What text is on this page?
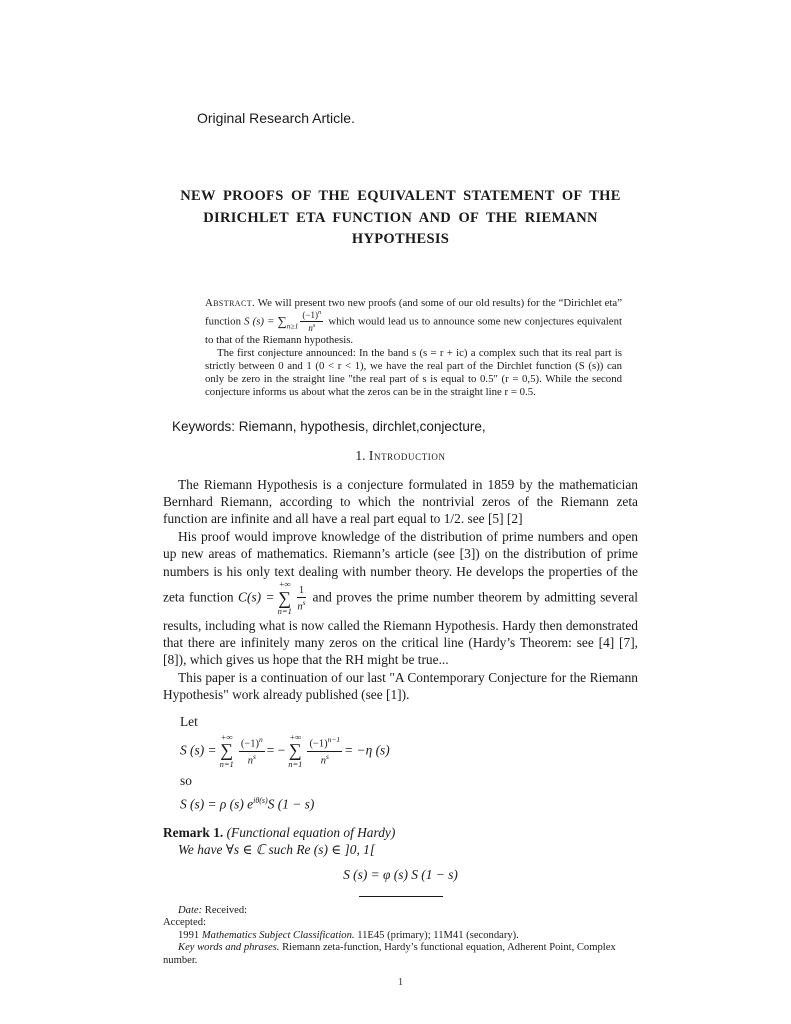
Original Research Article.
NEW PROOFS OF THE EQUIVALENT STATEMENT OF THE
DIRICHLET ETA FUNCTION AND OF THE RIEMANN
HYPOTHESIS

Abstract. We will present two new proofs (and some of our old results) for the “Dirichlet eta” function S $(s) = \sum_{n\ge 1} \frac{(-1)^n}{n^s}$ which would lead us to announce some new conjectures equivalent to that of the Riemann hypothesis.

The first conjecture announced: In the band s (s = r + ic) a complex such that its real part is strictly between 0 and 1 (0 < r < 1), we have the real part of the Dirchlet function (S (s)) can only be zero in the straight line "the real part of s is equal to 0.5" (r = 0,5). While the second conjecture informs us about what the zeros can be in the straight line r = 0.5.

Keywords: Riemann, hypothesis, dirchlet,conjecture,
1. Introduction

The Riemann Hypothesis is a conjecture formulated in 1859 by the mathematician Bernhard Riemann, according to which the nontrivial zeros of the Riemann zeta function are infinite and all have a real part equal to 1/2. see [5] [2]

His proof would improve knowledge of the distribution of prime numbers and open up new areas of mathematics. Riemann’s article (see [3]) on the distribution of prime numbers is his only text dealing with number theory. He develops the properties of the zeta function C(s) =
+∞
∑
$n=1 \frac{1}{n^s}$ and proves the prime number theorem by admitting several results, including what is now called the Riemann Hypothesis. Hardy then demonstrated that there are infinitely many zeros on the critical line (Hardy’s Theorem: see [4] [7], [8]), which gives us hope that the RH might be true...

This paper is a continuation of our last "A Contemporary Conjecture for the Riemann Hypothesis" work already published (see [1]).

Let

S (s) =
+∞
∑
$n=1 \frac{(-1)^n}{n^s}$ = −
+∞
∑
$n=1 \frac{(-1)^{n-1}}{n^s} = -\eta$ (s)

so

S (s) = ρ (s) $e^{i\theta(s)}S$ (1 − s)

Remark 1. (Functional equation of Hardy)

We have ∀s ∈ ℂ such Re (s) ∈ ]0, 1[

S (s) = φ (s) S (1 − s)

Date: Received:

Accepted:

1991 Mathematics Subject Classification. 11E45 (primary); 11M41 (secondary).

Key words and phrases. Riemann zeta-function, Hardy’s functional equation, Adherent Point, Complex number.

1
